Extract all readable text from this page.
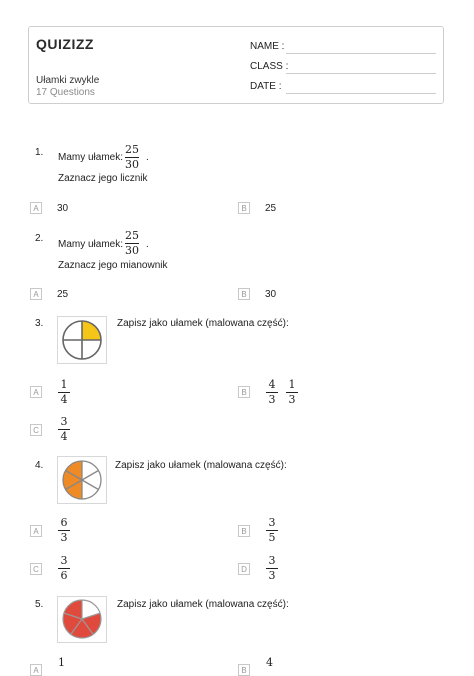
QUIZIZZ
Ułamki zwykle
17 Questions
NAME :
CLASS :
DATE :
1. Mamy ułamek:
25
30
.
Zaznacz jego licznik
A	30	B	25
2.
Mamy ułamek:
25
30 .
Zaznacz jego mianownik
A	25	B	30
3.	Zapisz jako ułamek (malowana część):
A
1
4
B
4
3
1
3
C
3
4
4.	Zapisz jako ułamek (malowana część):
A
6
3	B
3
5
C
3
6	D
3
3
5.	Zapisz jako ułamek (malowana część):
A
1
B
4
